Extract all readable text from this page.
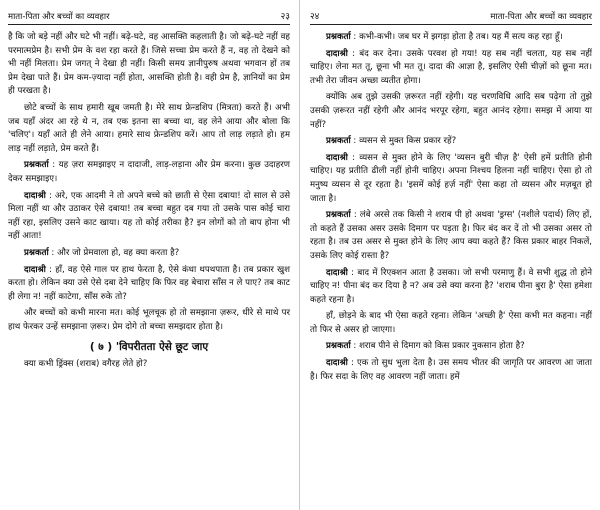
माता-पिता और बच्चों का व्यवहार	२३

है कि जो बड़े नहीं और घटे भी नहीं। बढ़े-घटे, वह आसक्ति कहलाती है। जो बढ़े-घटे नहीं वह परमात्मप्रेम है। सभी प्रेम के वश रहा करते हैं। जिसे सच्चा प्रेम करते हैं न, वह तो देखने को भी नहीं मिलता। प्रेम जगत् ने देखा ही नहीं। किसी समय ज्ञानीपुरुष अथवा भगवान हों तब प्रेम देखा पाते हैं। प्रेम कम-ज़्यादा नहीं होता, आसक्ति होती है। वही प्रेम है, ज्ञानियों का प्रेम ही परखता है।

छोटे बच्चों के साथ हमारी खूब जमती है। मेरे साथ फ्रेन्डशिप (मित्रता) करते हैं। अभी जब यहाँ अंदर आ रहे थे न, तब एक इतना सा बच्चा था, वह लेने आया और बोला कि 'चलिए'। यहाँ आते ही लेने आया। हमारे साथ फ्रेन्डशिप करें। आप तो लाड़ लड़ाते हो। हम लाड़ नहीं लड़ाते, प्रेम करते हैं।

प्रश्नकर्ता : यह ज़रा समझाइए न दादाजी, लाड़-लड़ाना और प्रेम करना। कुछ उदाहरण देकर समझाइए।

दादाश्री : अरे, एक आदमी ने तो अपने बच्चे को छाती से ऐसा दबाया! दो साल से उसे मिला नहीं था और उठाकर ऐसे दबाया! तब बच्चा बहुत दब गया तो उसके पास कोई चारा नहीं रहा, इसलिए उसने काट खाया। यह तो कोई तरीका है? इन लोगों को तो बाप होना भी नहीं आता!

प्रश्नकर्ता : और जो प्रेमवाला हो, वह क्या करता है?

दादाश्री : हाँ, वह ऐसे गाल पर हाथ फेरता है, ऐसे कंधा थपथपाता है। तब प्रकार खुश करता हो। लेकिन क्या उसे ऐसे दबा देने चाहिए कि फिर वह बेचारा साँस न ले पाए? तब काट ही लेगा न! नहीं काटेगा, साँस रुके तो?

और बच्चों को कभी मारना मत। कोई भूलचूक हो तो समझाना ज़रूर, धीरे से माथे पर हाथ फेरकर उन्हें समझाना ज़रूर। प्रेम दोगे तो बच्चा समझदार होता है।

( ७ ) 'विपरीतता ऐसे छूट जाए

क्या कभी ड्रिंक्स (शराब) वगैरह लेते हो?

२४	माता-पिता और बच्चों का व्यवहार

प्रश्नकर्ता : कभी-कभी। जब घर में झगड़ा होता है तब। यह मैं सत्य कह रहा हूँ।

दादाश्री : बंद कर देना। उसके परवश हो गया! यह सब नहीं चलता, यह सब नहीं चाहिए। लेना मत तू, छूना भी मत तू। दादा की आज्ञा है, इसलिए ऐसी चीज़ों को छूना मत। तभी तेरा जीवन अच्छा व्यतीत होगा।

क्योंकि अब तुझे उसकी ज़रूरत नहीं रहेगी। यह चरणविधि आदि सब पढ़ेगा तो तुझे उसकी ज़रूरत नहीं रहेगी और आनंद भरपूर रहेगा, बहुत आनंद रहेगा। समझ में आया या नहीं?

प्रश्नकर्ता : व्यसन से मुक्त किस प्रकार रहें?

दादाश्री : व्यसन से मुक्त होने के लिए 'व्यसन बुरी चीज़ है' ऐसी हमें प्रतीति होनी चाहिए। यह प्रतीति ढीली नहीं होनी चाहिए। अपना निश्चय हिलना नहीं चाहिए। ऐसा हो तो मनुष्य व्यसन से दूर रहता है। 'इसमें कोई हर्ज़ नहीं' ऐसा कहा तो व्यसन और मज़बूत हो जाता है।

प्रश्नकर्ता : लंबे अरसे तक किसी ने शराब पी हो अथवा 'ड्रग्स' (नशीले पदार्थ) लिए हों, तो कहते हैं उसका असर उसके दिमाग पर पड़ता है। फिर बंद कर दें तो भी उसका असर तो रहता है। तब उस असर से मुक्त होने के लिए आप क्या कहते हैं? किस प्रकार बाहर निकलें, उसके लिए कोई रास्ता है?

दादाश्री : बाद में रिएक्शन आता है उसका। जो सभी परमाणु हैं। वे सभी शुद्ध तो होने चाहिए न! पीना बंद कर दिया है न? अब उसे क्या करना है? 'शराब पीना बुरा है' ऐसा हमेशा कहते रहना है।

हाँ, छोड़ने के बाद भी ऐसा कहते रहना। लेकिन 'अच्छी है' ऐसा कभी मत कहना। नहीं तो फिर से असर हो जाएगा।

प्रश्नकर्ता : शराब पीने से दिमाग को किस प्रकार नुकसान होता है?

दादाश्री : एक तो सुध भुला देता है। उस समय भीतर की जागृति पर आवरण आ जाता है। फिर सदा के लिए वह आवरण नहीं जाता। हमें
